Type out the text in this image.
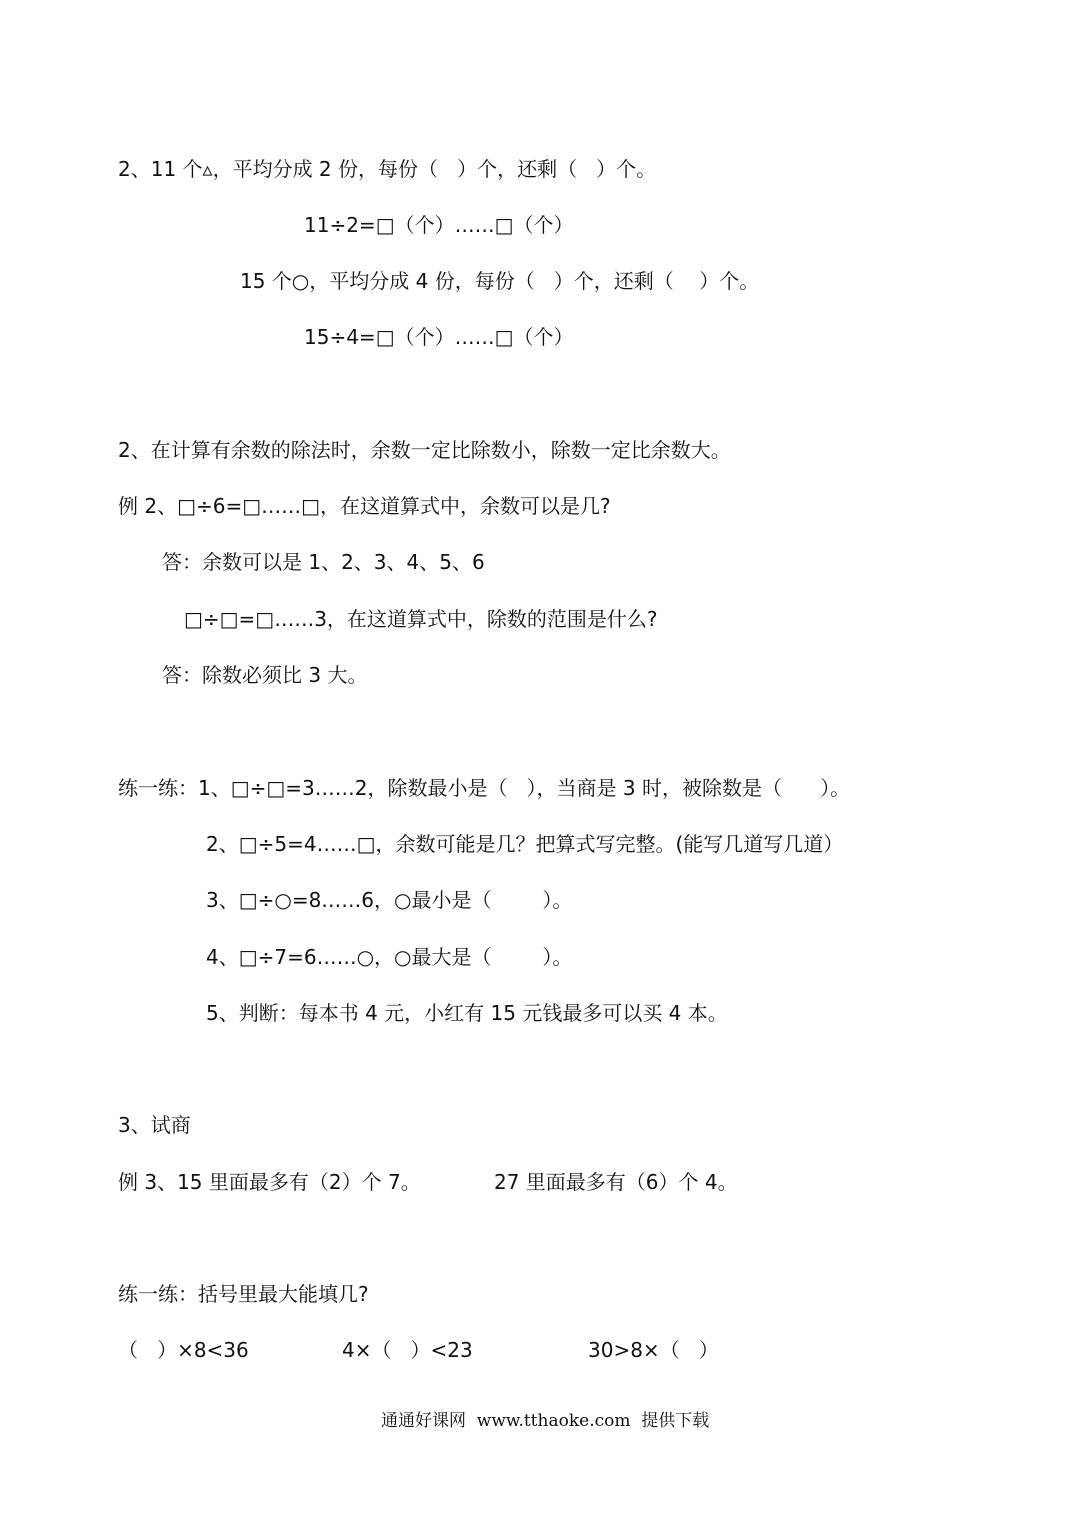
2、11 个▵，平均分成 2 份，每份（   ）个，还剩（   ）个。
11÷2=□（个）……□（个）
15 个○，平均分成 4 份，每份（   ）个，还剩（    ）个。
15÷4=□（个）……□（个）
2、在计算有余数的除法时，余数一定比除数小，除数一定比余数大。
例 2、□÷6=□……□，在这道算式中，余数可以是几?
答：余数可以是 1、2、3、4、5、6
□÷□=□……3，在这道算式中，除数的范围是什么?
答：除数必须比 3 大。
练一练：1、□÷□=3……2，除数最小是（   ），当商是 3 时，被除数是（      ）。
2、□÷5=4……□，余数可能是几？把算式写完整。(能写几道写几道）
3、□÷○=8……6，○最小是（        ）。
4、□÷7=6……○，○最大是（        ）。
5、判断：每本书 4 元，小红有 15 元钱最多可以买 4 本。
3、试商
例 3、15 里面最多有（2）个 7。	27 里面最多有（6）个 4。
练一练：括号里最大能填几?
（   ）×8<36	4×（   ）<23	30>8×（   ）
通通好课网  www.tthaoke.com  提供下载
